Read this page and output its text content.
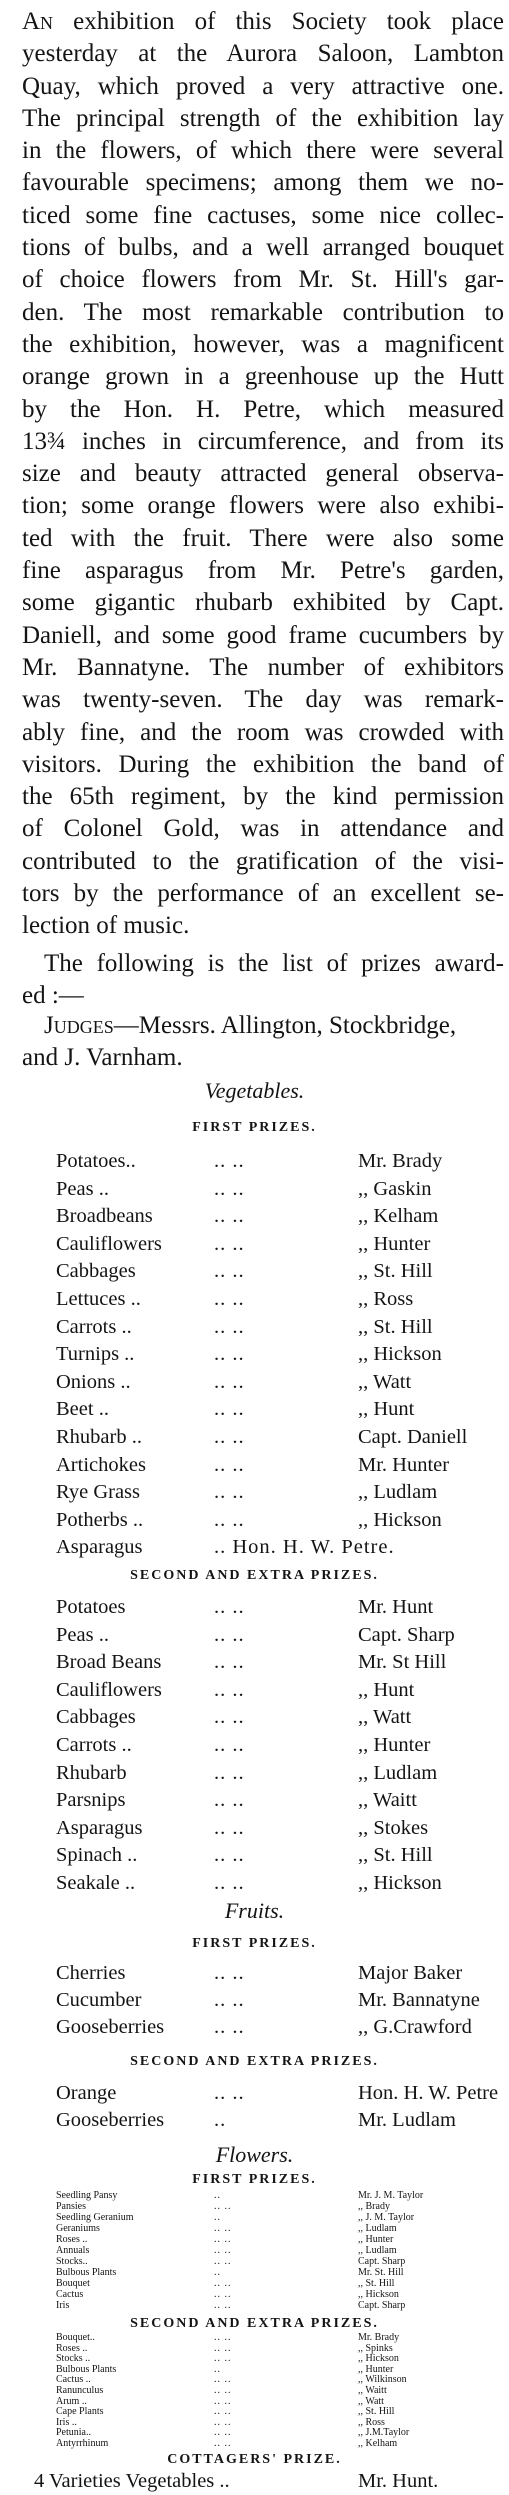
An exhibition of this Society took place
yesterday at the Aurora Saloon, Lambton
Quay, which proved a very attractive one.
The principal strength of the exhibition lay
in the flowers, of which there were several
favourable specimens; among them we no-
ticed some fine cactuses, some nice collec-
tions of bulbs, and a well arranged bouquet
of choice flowers from Mr. St. Hill's gar-
den. The most remarkable contribution to
the exhibition, however, was a magnificent
orange grown in a greenhouse up the Hutt
by the Hon. H. Petre, which measured
13¾ inches in circumference, and from its
size and beauty attracted general observa-
tion; some orange flowers were also exhibi-
ted with the fruit. There were also some
fine asparagus from Mr. Petre's garden,
some gigantic rhubarb exhibited by Capt.
Daniell, and some good frame cucumbers by
Mr. Bannatyne. The number of exhibitors
was twenty-seven. The day was remark-
ably fine, and the room was crowded with
visitors. During the exhibition the band of
the 65th regiment, by the kind permission
of Colonel Gold, was in attendance and
contributed to the gratification of the visi-
tors by the performance of an excellent se-
lection of music.
The following is the list of prizes award-
ed :—
Judges—Messrs. Allington, Stockbridge,
and J. Varnham.
Vegetables.
FIRST PRIZES.
Potatoes..	.. ..	Mr. Brady
Peas ..	.. ..	,, Gaskin
Broadbeans	.. ..	,, Kelham
Cauliflowers	.. ..	,, Hunter
Cabbages	.. ..	,, St. Hill
Lettuces ..	.. ..	,, Ross
Carrots ..	.. ..	,, St. Hill
Turnips ..	.. ..	,, Hickson
Onions ..	.. ..	,, Watt
Beet ..	.. ..	,, Hunt
Rhubarb ..	.. ..	Capt. Daniell
Artichokes	.. ..	Mr. Hunter
Rye Grass	.. ..	,, Ludlam
Potherbs ..	.. ..	,, Hickson
Asparagus	.. Hon. H. W. Petre.
SECOND AND EXTRA PRIZES.
Potatoes	.. ..	Mr. Hunt
Peas ..	.. ..	Capt. Sharp
Broad Beans	.. ..	Mr. St Hill
Cauliflowers	.. ..	,, Hunt
Cabbages	.. ..	,, Watt
Carrots ..	.. ..	,, Hunter
Rhubarb	.. ..	,, Ludlam
Parsnips	.. ..	,, Waitt
Asparagus	.. ..	,, Stokes
Spinach ..	.. ..	,, St. Hill
Seakale ..	.. ..	,, Hickson
Fruits.
FIRST PRIZES.
Cherries	.. ..	Major Baker
Cucumber	.. ..	Mr. Bannatyne
Gooseberries .. ..	,, G.Crawford
SECOND AND EXTRA PRIZES.
Orange	.. ..	Hon. H. W. Petre
Gooseberries ..	Mr. Ludlam
Flowers.
FIRST PRIZES.
Seedling Pansy	..	Mr. J. M. Taylor
Pansies	.. ..	,, Brady
Seedling Geranium	..	,, J. M. Taylor
Geraniums	.. ..	,, Ludlam
Roses ..	.. ..	,, Hunter
Annuals	.. ..	,, Ludlam
Stocks..	.. ..	Capt. Sharp
Bulbous Plants	..	Mr. St. Hill
Bouquet	.. ..	,, St. Hill
Cactus	.. ..	,, Hickson
Iris	.. ..	Capt. Sharp
SECOND AND EXTRA PRIZES.
Bouquet..	.. ..	Mr. Brady
Roses ..	.. ..	,, Spinks
Stocks ..	.. ..	,, Hickson
Bulbous Plants	..	,, Hunter
Cactus ..	.. ..	,, Wilkinson
Ranunculus	.. ..	,, Waitt
Arum ..	.. ..	,, Watt
Cape Plants	.. ..	,, St. Hill
Iris ..	.. ..	,, Ross
Petunia..	.. ..	,, J.M.Taylor
Antyrrhinum	.. ..	,, Kelham
COTTAGERS' PRIZE.
4 Varieties Vegetables ..	Mr. Hunt.
